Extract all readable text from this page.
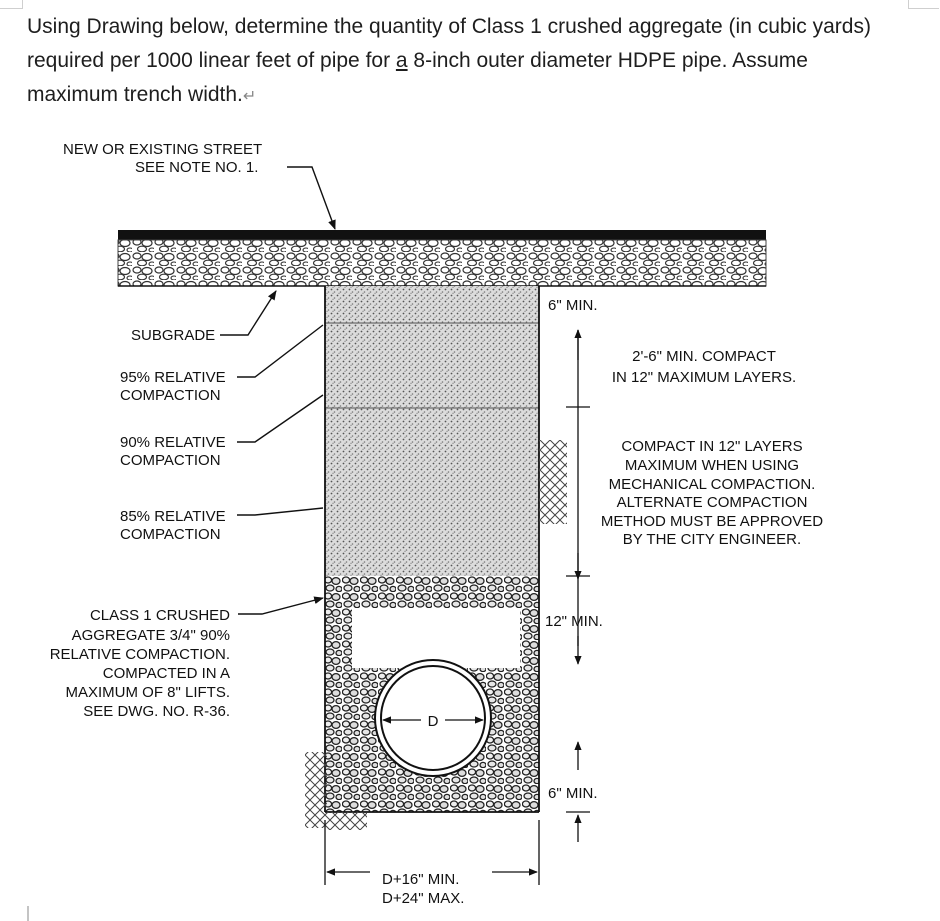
Using Drawing below, determine the quantity of Class 1 crushed aggregate (in cubic yards)
required per 1000 linear feet of pipe for a 8-inch outer diameter HDPE pipe. Assume
maximum trench width.↵
D
NEW OR EXISTING STREET
SEE NOTE NO. 1.
SUBGRADE
95% RELATIVE
COMPACTION
90% RELATIVE
COMPACTION
85% RELATIVE
COMPACTION
CLASS 1 CRUSHED
AGGREGATE 3/4" 90%
RELATIVE COMPACTION.
COMPACTED IN A
MAXIMUM OF 8" LIFTS.
SEE DWG. NO. R-36.
6" MIN.
2'-6" MIN. COMPACT
IN 12" MAXIMUM LAYERS.
COMPACT IN 12" LAYERS
MAXIMUM WHEN USING
MECHANICAL COMPACTION.
ALTERNATE COMPACTION
METHOD MUST BE APPROVED
BY THE CITY ENGINEER.
12" MIN.
6" MIN.
D+16" MIN.
D+24" MAX.
